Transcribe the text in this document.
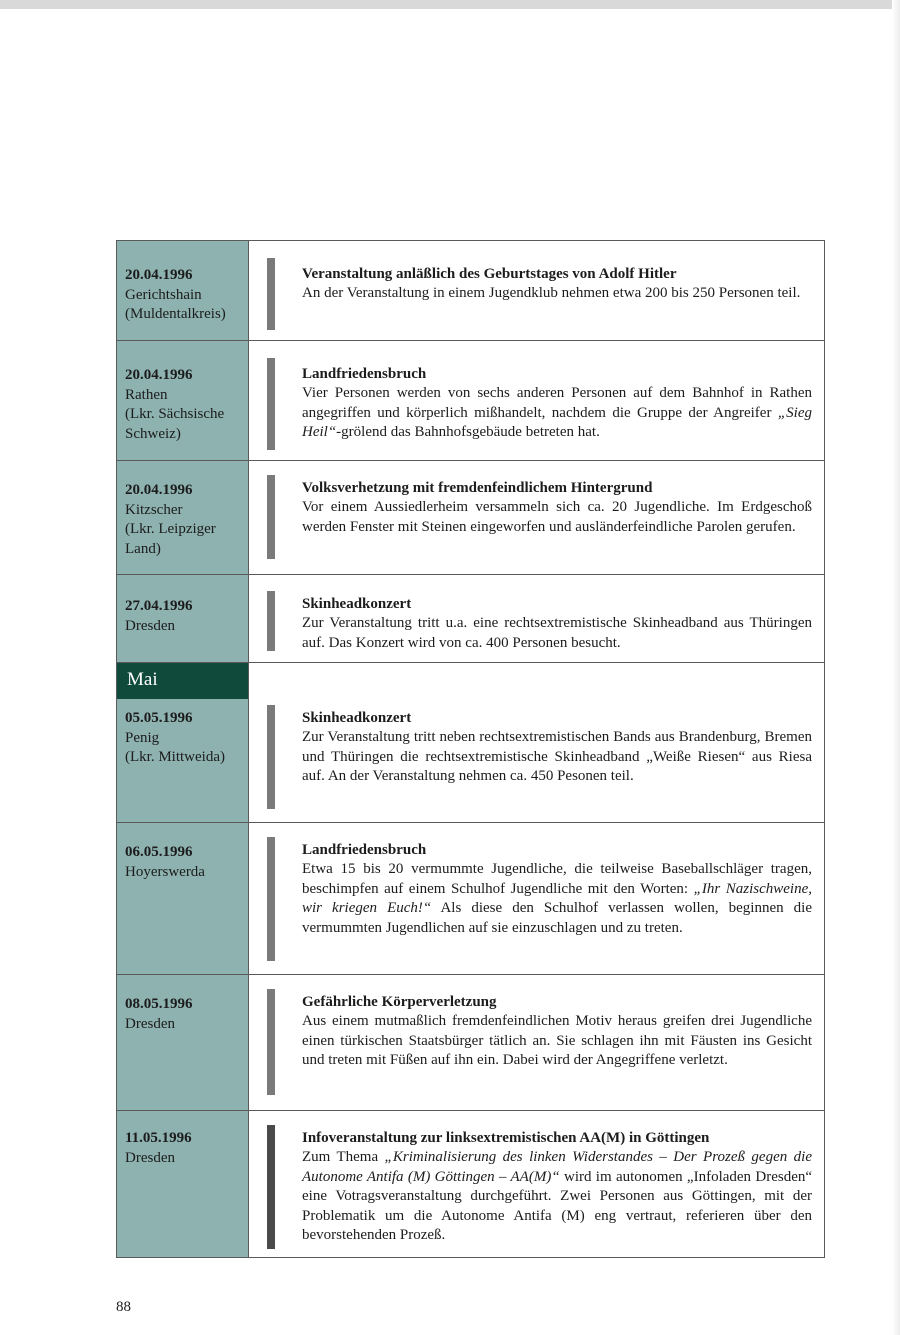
20.04.1996
Gerichtshain
(Muldentalkreis)
Veranstaltung anläßlich des Geburtstages von Adolf Hitler
An der Veranstaltung in einem Jugendklub nehmen etwa 200 bis 250 Personen teil.
20.04.1996
Rathen
(Lkr. Sächsische
Schweiz)
Landfriedensbruch
Vier Personen werden von sechs anderen Personen auf dem Bahnhof in Rathen angegriffen und körperlich mißhandelt, nachdem die Gruppe der Angreifer „Sieg Heil“-grölend das Bahnhofsgebäude betreten hat.
20.04.1996
Kitzscher
(Lkr. Leipziger
Land)
Volksverhetzung mit fremdenfeindlichem Hintergrund
Vor einem Aussiedlerheim versammeln sich ca. 20 Jugendliche. Im Erdgeschoß werden Fenster mit Steinen eingeworfen und ausländerfeindliche Parolen gerufen.
27.04.1996
Dresden
Skinheadkonzert
Zur Veranstaltung tritt u.a. eine rechtsextremistische Skinheadband aus Thüringen auf. Das Konzert wird von ca. 400 Personen besucht.
Mai
05.05.1996
Penig
(Lkr. Mittweida)
Skinheadkonzert
Zur Veranstaltung tritt neben rechtsextremistischen Bands aus Brandenburg, Bremen und Thüringen die rechtsextremistische Skinheadband „Weiße Riesen“ aus Riesa auf. An der Veranstaltung nehmen ca. 450 Pesonen teil.
06.05.1996
Hoyerswerda
Landfriedensbruch
Etwa 15 bis 20 vermummte Jugendliche, die teilweise Baseballschläger tragen, beschimpfen auf einem Schulhof Jugendliche mit den Worten: „Ihr Nazischweine, wir kriegen Euch!“ Als diese den Schulhof verlassen wollen, beginnen die vermummten Jugendlichen auf sie einzuschlagen und zu treten.
08.05.1996
Dresden
Gefährliche Körperverletzung
Aus einem mutmaßlich fremdenfeindlichen Motiv heraus greifen drei Jugendliche einen türkischen Staatsbürger tätlich an. Sie schlagen ihn mit Fäusten ins Gesicht und treten mit Füßen auf ihn ein. Dabei wird der Angegriffene verletzt.
11.05.1996
Dresden
Infoveranstaltung zur linksextremistischen AA(M) in Göttingen
Zum Thema „Kriminalisierung des linken Widerstandes – Der Prozeß gegen die Autonome Antifa (M) Göttingen – AA(M)“ wird im autonomen „Infoladen Dresden“ eine Votragsveranstaltung durchgeführt. Zwei Personen aus Göttingen, mit der Problematik um die Autonome Antifa (M) eng vertraut, referieren über den bevorstehenden Prozeß.
88
